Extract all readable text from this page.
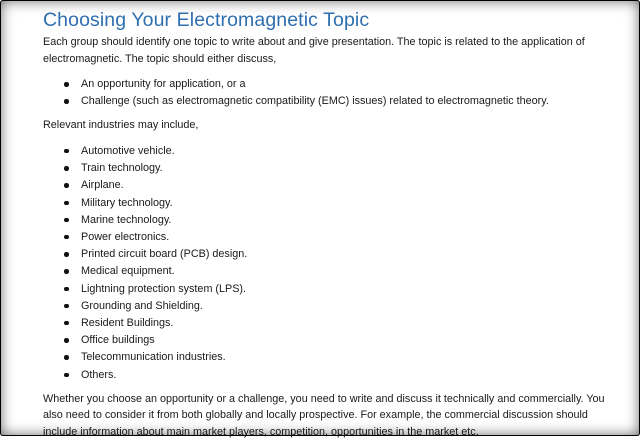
Choosing Your Electromagnetic Topic

Each group should identify one topic to write about and give presentation. The topic is related to the application of electromagnetic. The topic should either discuss,

An opportunity for application, or a
Challenge (such as electromagnetic compatibility (EMC) issues) related to electromagnetic theory.

Relevant industries may include,

Automotive vehicle.
Train technology.
Airplane.
Military technology.
Marine technology.
Power electronics.
Printed circuit board (PCB) design.
Medical equipment.
Lightning protection system (LPS).
Grounding and Shielding.
Resident Buildings.
Office buildings
Telecommunication industries.
Others.

Whether you choose an opportunity or a challenge, you need to write and discuss it technically and commercially. You also need to consider it from both globally and locally prospective. For example, the commercial discussion should include information about main market players, competition, opportunities in the market etc.
